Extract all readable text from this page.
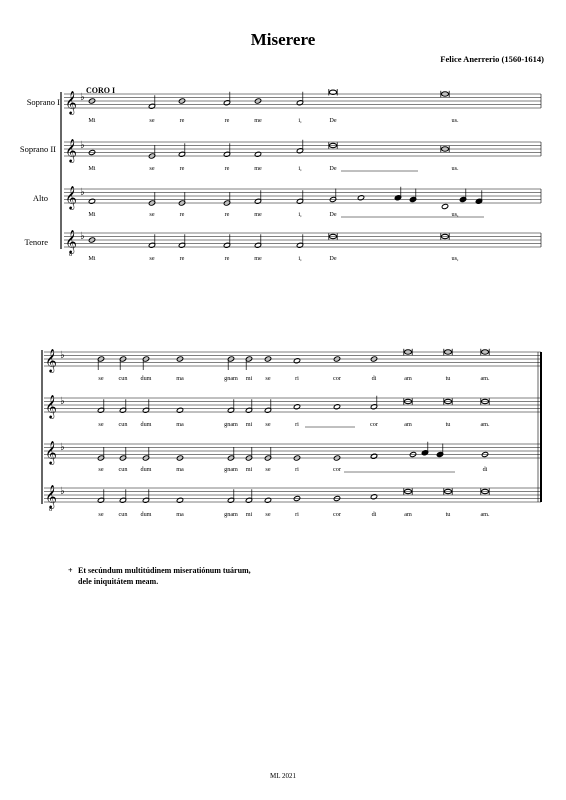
Miserere
Felice Anerrerio (1560-1614)
CORO I
Soprano I
Soprano II
Alto
Tenore
𝄞 ♭
𝄞 ♭
𝄞 ♭
𝄞
8
♭
Mi	se	re	re	me	i,	De	us.
Mi	se	re	re	me	i,	De	us.
Mi	se	re	re	me	i,	De	us,
Mi	se	re	re	me	i,	De	us,
𝄞 ♭
𝄞 ♭
𝄞 ♭
𝄞
8
♭
se cun dum	ma	gnam mi se	ri	cor	di	am	tu	am.
se cun dum	ma	gnam mi se	ri	cor	am	tu	am.
se cun dum	ma	gnam mi se	ri	cor	di
se cun dum	ma	gnam mi se	ri	cor	di	am	tu	am.
+ Et secúndum multitúdinem miseratiónum tuárum,
dele iniquitátem meam.
ML 2021
